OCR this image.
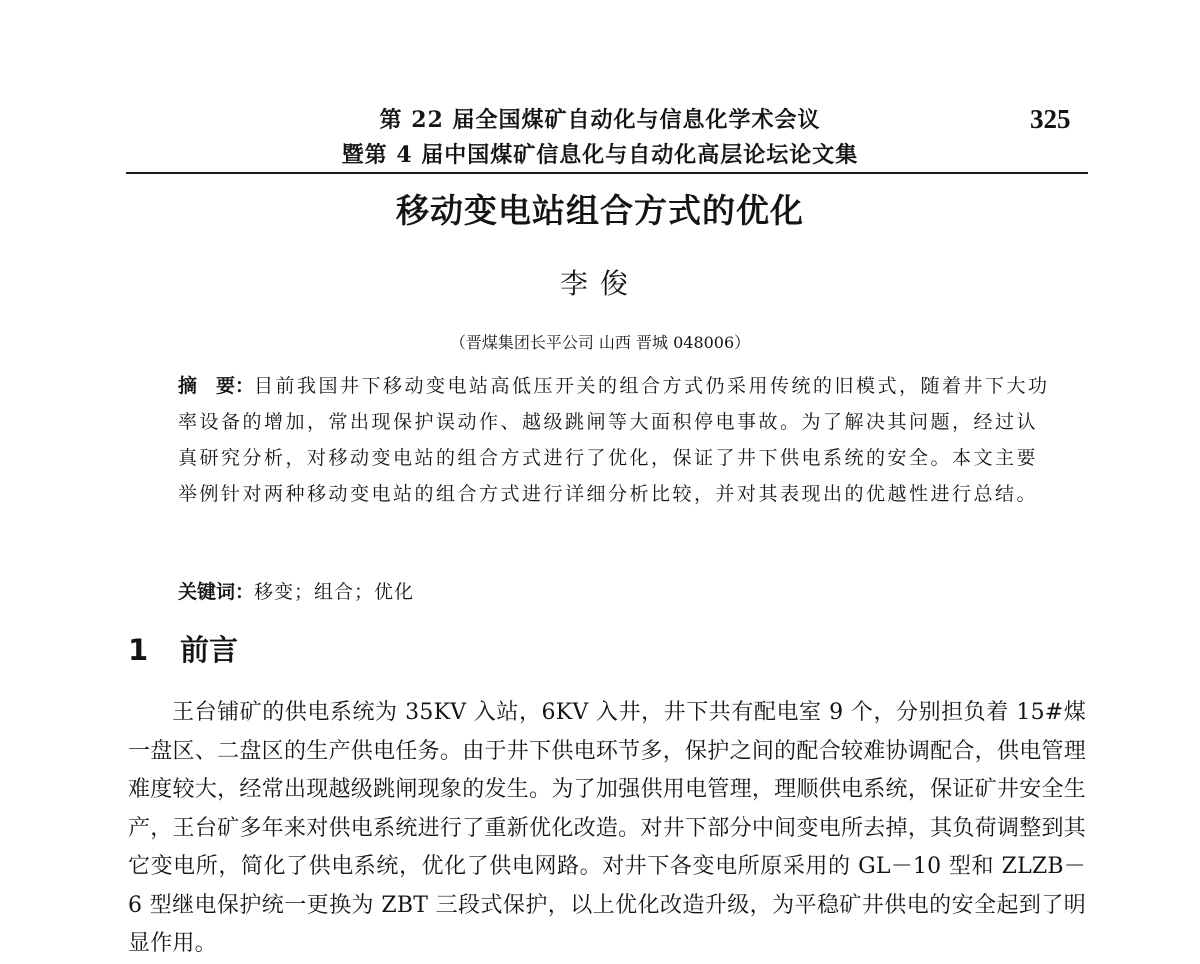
第 22 届全国煤矿自动化与信息化学术会议
暨第 4 届中国煤矿信息化与自动化高层论坛论文集
325
移动变电站组合方式的优化
李俊
（晋煤集团长平公司 山西 晋城 048006）
摘　要：目前我国井下移动变电站高低压开关的组合方式仍采用传统的旧模式，随着井下大功率设备的增加，常出现保护误动作、越级跳闸等大面积停电事故。为了解决其问题，经过认真研究分析，对移动变电站的组合方式进行了优化，保证了井下供电系统的安全。本文主要举例针对两种移动变电站的组合方式进行详细分析比较，并对其表现出的优越性进行总结。
关键词：移变；组合；优化
1 前言
王台铺矿的供电系统为 35KV 入站，6KV 入井，井下共有配电室 9 个，分别担负着 15#煤一盘区、二盘区的生产供电任务。由于井下供电环节多，保护之间的配合较难协调配合，供电管理难度较大，经常出现越级跳闸现象的发生。为了加强供用电管理，理顺供电系统，保证矿井安全生产，王台矿多年来对供电系统进行了重新优化改造。对井下部分中间变电所去掉，其负荷调整到其它变电所，简化了供电系统，优化了供电网路。对井下各变电所原采用的 GL－10 型和 ZLZB－6 型继电保护统一更换为 ZBT 三段式保护，以上优化改造升级，为平稳矿井供电的安全起到了明显作用。
